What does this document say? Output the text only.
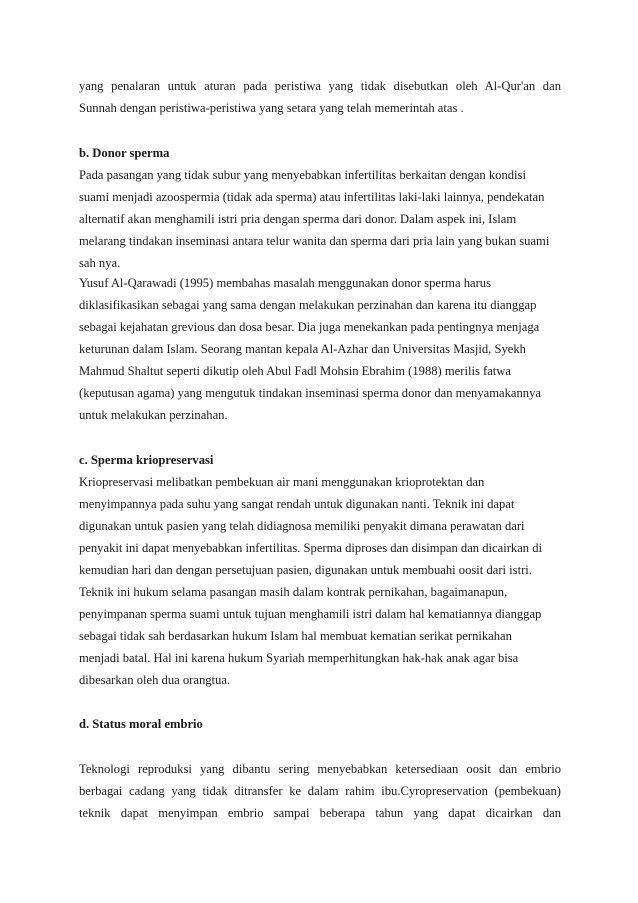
yang penalaran untuk aturan pada peristiwa yang tidak disebutkan oleh Al-Qur'an dan
Sunnah dengan peristiwa-peristiwa yang setara yang telah memerintah atas .
b. Donor sperma
Pada pasangan yang tidak subur yang menyebabkan infertilitas berkaitan dengan kondisi
suami menjadi azoospermia (tidak ada sperma) atau infertilitas laki-laki lainnya, pendekatan
alternatif akan menghamili istri pria dengan sperma dari donor. Dalam aspek ini, Islam
melarang tindakan inseminasi antara telur wanita dan sperma dari pria lain yang bukan suami
sah nya.
Yusuf Al-Qarawadi (1995) membahas masalah menggunakan donor sperma harus
diklasifikasikan sebagai yang sama dengan melakukan perzinahan dan karena itu dianggap
sebagai kejahatan grevious dan dosa besar. Dia juga menekankan pada pentingnya menjaga
keturunan dalam Islam. Seorang mantan kepala Al-Azhar dan Universitas Masjid, Syekh
Mahmud Shaltut seperti dikutip oleh Abul Fadl Mohsin Ebrahim (1988) merilis fatwa
(keputusan agama) yang mengutuk tindakan inseminasi sperma donor dan menyamakannya
untuk melakukan perzinahan.
c. Sperma kriopreservasi
Kriopreservasi melibatkan pembekuan air mani menggunakan krioprotektan dan
menyimpannya pada suhu yang sangat rendah untuk digunakan nanti. Teknik ini dapat
digunakan untuk pasien yang telah didiagnosa memiliki penyakit dimana perawatan dari
penyakit ini dapat menyebabkan infertilitas. Sperma diproses dan disimpan dan dicairkan di
kemudian hari dan dengan persetujuan pasien, digunakan untuk membuahi oosit dari istri.
Teknik ini hukum selama pasangan masih dalam kontrak pernikahan, bagaimanapun,
penyimpanan sperma suami untuk tujuan menghamili istri dalam hal kematiannya dianggap
sebagai tidak sah berdasarkan hukum Islam hal membuat kematian serikat pernikahan
menjadi batal. Hal ini karena hukum Syariah memperhitungkan hak-hak anak agar bisa
dibesarkan oleh dua orangtua.
d. Status moral embrio
Teknologi reproduksi yang dibantu sering menyebabkan ketersediaan oosit dan embrio
berbagai cadang yang tidak ditransfer ke dalam rahim ibu.Cyropreservation (pembekuan)
teknik dapat menyimpan embrio sampai beberapa tahun yang dapat dicairkan dan
